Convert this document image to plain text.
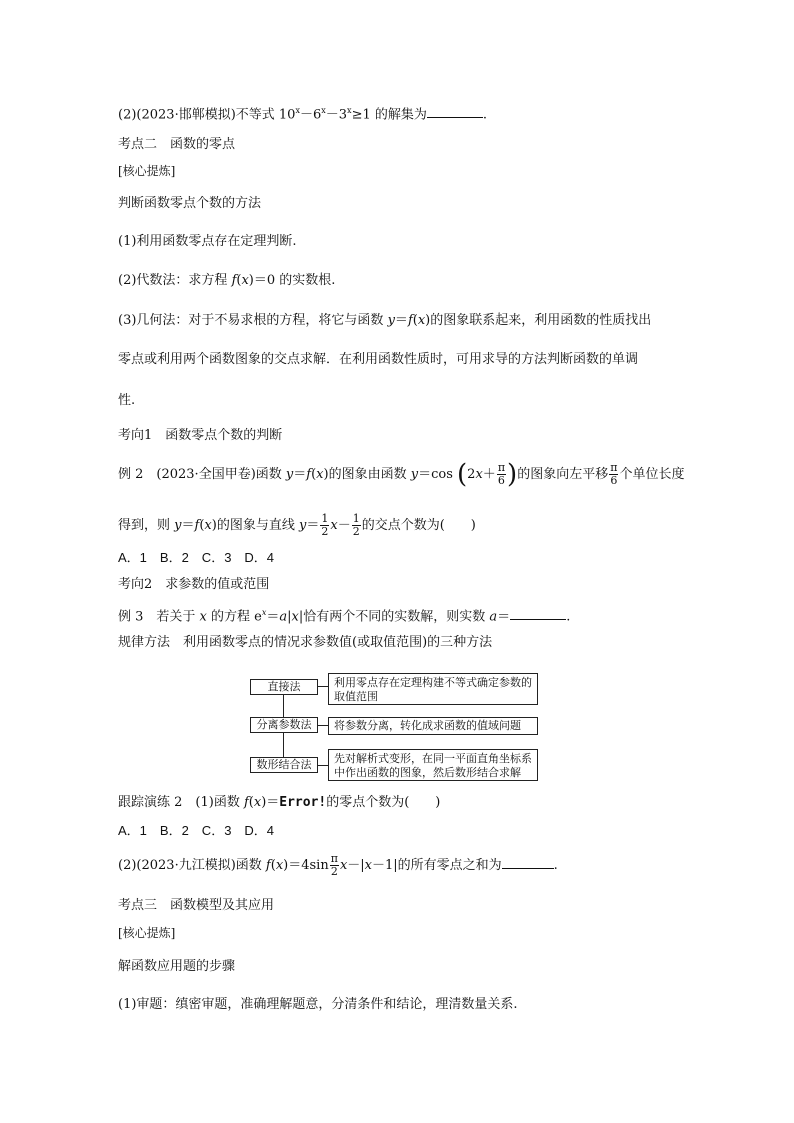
(2)(2023·邯郸模拟)不等式 $10^x-6^x-3^x\ge 1$ 的解集为	.
考点二　函数的零点
[核心提炼]
判断函数零点个数的方法
(1)利用函数零点存在定理判断.
(2)代数法：求方程 f(x)＝0 的实数根.
(3)几何法：对于不易求根的方程，将它与函数 y＝f(x)的图象联系起来，利用函数的性质找出
零点或利用两个函数图象的交点求解．在利用函数性质时，可用求导的方法判断函数的单调
性.
考向1　函数零点个数的判断
例 2　(2023·全国甲卷)函数 y＝f(x)的图象由函数 y＝cos ($2x+ \frac{\pi}{6}$ )的图象向左平移 $\frac{\pi}{6}$ 个单位长度
得到，则 y＝f(x)的图象与直线 $y= \frac{1}{2} x- \frac{1}{2}$ 的交点个数为(　　)
A．1　B．2　C．3　D．4
考向2　求参数的值或范围
例 3　若关于 x 的方程 $e^x=a|x|$恰有两个不同的实数解，则实数 a＝	.
规律方法　利用函数零点的情况求参数值(或取值范围)的三种方法
直接法
分离参数法
数形结合法
利用零点存在定理构建不等式确定参数的取值范围
将参数分离，转化成求函数的值域问题
先对解析式变形，在同一平面直角坐标系中作出函数的图象，然后数形结合求解
跟踪演练 2　(1)函数 f(x)＝Error!的零点个数为(　　)
A．1　B．2　C．3　D．4
(2)(2023·九江模拟)函数 $f(x)=4\sin \frac{\pi}{2} x-|x-1|$的所有零点之和为	.
考点三　函数模型及其应用
[核心提炼]
解函数应用题的步骤
(1)审题：缜密审题，准确理解题意，分清条件和结论，理清数量关系.
